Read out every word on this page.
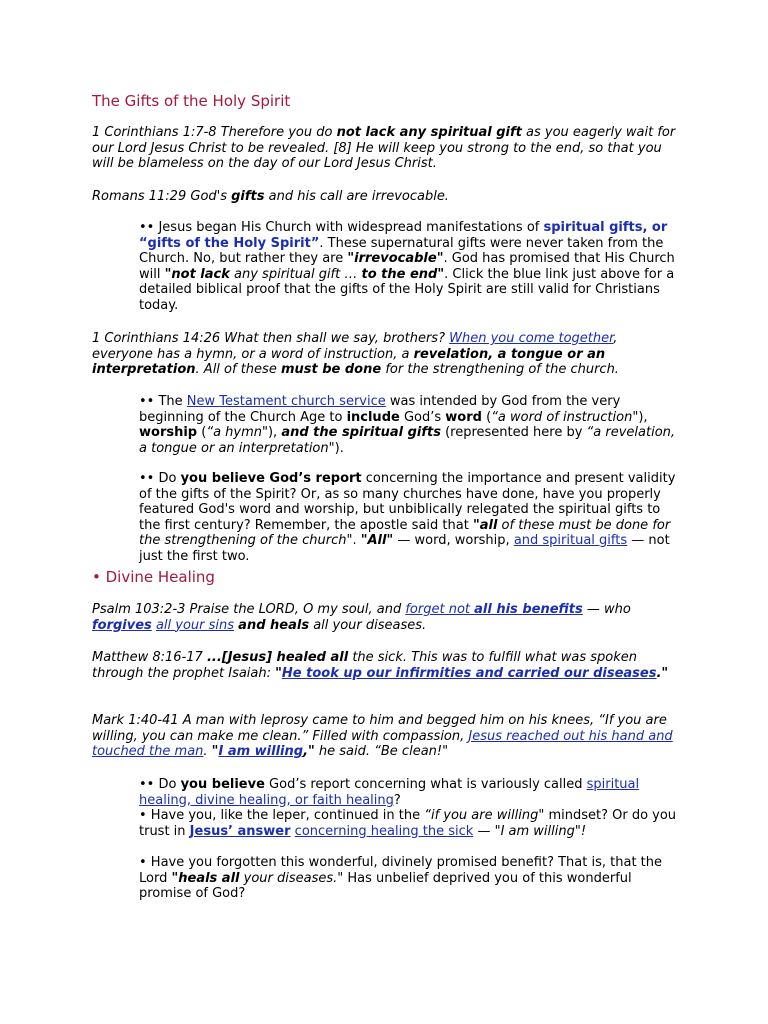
The Gifts of the Holy Spirit
1 Corinthians 1:7-8 Therefore you do not lack any spiritual gift as you eagerly wait for our Lord Jesus Christ to be revealed. [8] He will keep you strong to the end, so that you will be blameless on the day of our Lord Jesus Christ.
Romans 11:29 God's gifts and his call are irrevocable.
•• Jesus began His Church with widespread manifestations of spiritual gifts, or “gifts of the Holy Spirit”. These supernatural gifts were never taken from the Church. No, but rather they are "irrevocable". God has promised that His Church will "not lack any spiritual gift … to the end". Click the blue link just above for a detailed biblical proof that the gifts of the Holy Spirit are still valid for Christians today.
1 Corinthians 14:26 What then shall we say, brothers? When you come together, everyone has a hymn, or a word of instruction, a revelation, a tongue or an interpretation. All of these must be done for the strengthening of the church.
•• The New Testament church service was intended by God from the very beginning of the Church Age to include God’s word (“a word of instruction"), worship (“a hymn"), and the spiritual gifts (represented here by “a revelation, a tongue or an interpretation").
•• Do you believe God’s report concerning the importance and present validity of the gifts of the Spirit? Or, as so many churches have done, have you properly featured God's word and worship, but unbiblically relegated the spiritual gifts to the first century? Remember, the apostle said that "all of these must be done for the strengthening of the church". "All" — word, worship, and spiritual gifts — not just the first two.
• Divine Healing
Psalm 103:2-3 Praise the LORD, O my soul, and forget not all his benefits — who forgives all your sins and heals all your diseases.
Matthew 8:16-17 ...[Jesus] healed all the sick. This was to fulfill what was spoken through the prophet Isaiah: "He took up our infirmities and carried our diseases."
Mark 1:40-41 A man with leprosy came to him and begged him on his knees, “If you are willing, you can make me clean.” Filled with compassion, Jesus reached out his hand and touched the man. "I am willing," he said. “Be clean!"
•• Do you believe God’s report concerning what is variously called spiritual healing, divine healing, or faith healing?
• Have you, like the leper, continued in the “if you are willing" mindset? Or do you trust in Jesus’ answer concerning healing the sick — "I am willing"!
• Have you forgotten this wonderful, divinely promised benefit? That is, that the Lord "heals all your diseases." Has unbelief deprived you of this wonderful promise of God?
